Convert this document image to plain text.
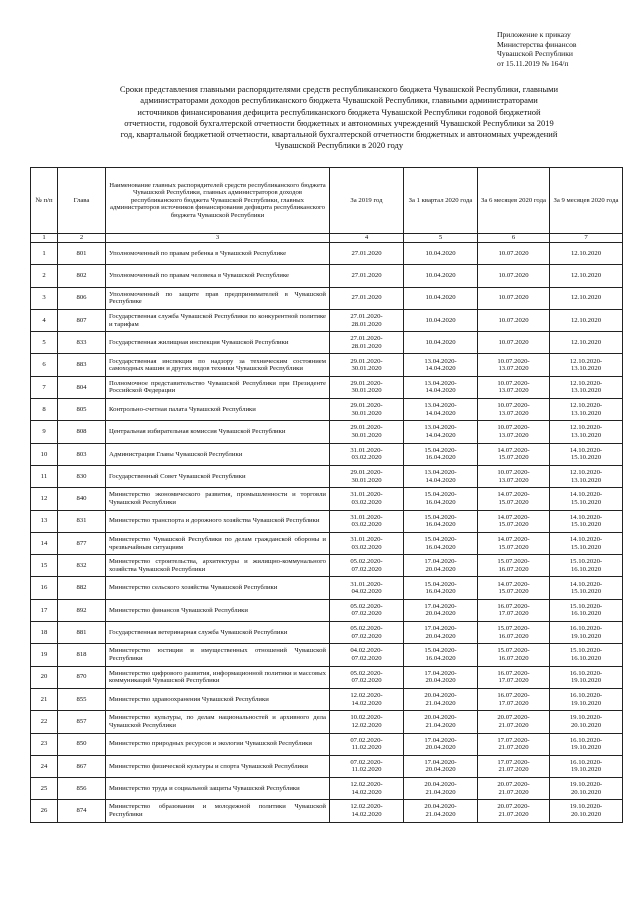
Приложение к приказу
Министерства финансов
Чувашской Республики
от 15.11.2019 № 164/п
Сроки представления главными распорядителями средств республиканского бюджета Чувашской Республики, главными
администраторами доходов республиканского бюджета Чувашской Республики, главными администраторами
источников финансирования дефицита республиканского бюджета Чувашской Республики годовой бюджетной
отчетности, годовой бухгалтерской отчетности бюджетных и автономных учреждений Чувашской Республики за 2019
год, квартальной бюджетной отчетности, квартальной бухгалтерской отчетности бюджетных и автономных учреждений
Чувашской Республики в 2020 году
№ п/п	Глава	Наименование главных распорядителей средств республиканского бюджета Чувашской Республики, главных администраторов доходов республиканского бюджета Чувашской Республики, главных администраторов источников финансирования дефицита республиканского бюджета Чувашской Республики	За 2019 год	За 1 квартал 2020 года	За 6 месяцев 2020 года	За 9 месяцев 2020 года
1	2	3	4	5	6	7
1	801	Уполномоченный по правам ребенка в Чувашской Республике	27.01.2020	10.04.2020	10.07.2020	12.10.2020
2	802	Уполномоченный по правам человека в Чувашской Республике	27.01.2020	10.04.2020	10.07.2020	12.10.2020
3	806	Уполномоченный по защите прав предпринимателей в Чувашской Республике	27.01.2020	10.04.2020	10.07.2020	12.10.2020
4	807	Государственная служба Чувашской Республики по конкурентной политике и тарифам	27.01.2020-
28.01.2020	10.04.2020	10.07.2020	12.10.2020
5	833	Государственная жилищная инспекция Чувашской Республики	27.01.2020-
28.01.2020	10.04.2020	10.07.2020	12.10.2020
6	883	Государственная инспекция по надзору за техническим состоянием самоходных машин и других видов техники Чувашской Республики	29.01.2020-
30.01.2020	13.04.2020-
14.04.2020	10.07.2020-
13.07.2020	12.10.2020-
13.10.2020
7	804	Полномочное представительство Чувашской Республики при Президенте Российской Федерации	29.01.2020-
30.01.2020	13.04.2020-
14.04.2020	10.07.2020-
13.07.2020	12.10.2020-
13.10.2020
8	805	Контрольно-счетная палата Чувашской Республики	29.01.2020-
30.01.2020	13.04.2020-
14.04.2020	10.07.2020-
13.07.2020	12.10.2020-
13.10.2020
9	808	Центральная избирательная комиссия Чувашской Республики	29.01.2020-
30.01.2020	13.04.2020-
14.04.2020	10.07.2020-
13.07.2020	12.10.2020-
13.10.2020
10	803	Администрация Главы Чувашской Республики	31.01.2020-
03.02.2020	15.04.2020-
16.04.2020	14.07.2020-
15.07.2020	14.10.2020-
15.10.2020
11	830	Государственный Совет Чувашской Республики	29.01.2020-
30.01.2020	13.04.2020-
14.04.2020	10.07.2020-
13.07.2020	12.10.2020-
13.10.2020
12	840	Министерство экономического развития, промышленности и торговли Чувашской Республики	31.01.2020-
03.02.2020	15.04.2020-
16.04.2020	14.07.2020-
15.07.2020	14.10.2020-
15.10.2020
13	831	Министерство транспорта и дорожного хозяйства Чувашской Республики	31.01.2020-
03.02.2020	15.04.2020-
16.04.2020	14.07.2020-
15.07.2020	14.10.2020-
15.10.2020
14	877	Министерство Чувашской Республики по делам гражданской обороны и чрезвычайным ситуациям	31.01.2020-
03.02.2020	15.04.2020-
16.04.2020	14.07.2020-
15.07.2020	14.10.2020-
15.10.2020
15	832	Министерство строительства, архитектуры и жилищно-коммунального хозяйства Чувашской Республики	05.02.2020-
07.02.2020	17.04.2020-
20.04.2020	15.07.2020-
16.07.2020	15.10.2020-
16.10.2020
16	882	Министерство сельского хозяйства Чувашской Республики	31.01.2020-
04.02.2020	15.04.2020-
16.04.2020	14.07.2020-
15.07.2020	14.10.2020-
15.10.2020
17	892	Министерство финансов Чувашской Республики	05.02.2020-
07.02.2020	17.04.2020-
20.04.2020	16.07.2020-
17.07.2020	15.10.2020-
16.10.2020
18	881	Государственная ветеринарная служба Чувашской Республики	05.02.2020-
07.02.2020	17.04.2020-
20.04.2020	15.07.2020-
16.07.2020	16.10.2020-
19.10.2020
19	818	Министерство юстиции и имущественных отношений Чувашской Республики	04.02.2020-
07.02.2020	15.04.2020-
16.04.2020	15.07.2020-
16.07.2020	15.10.2020-
16.10.2020
20	870	Министерство цифрового развития, информационной политики и массовых коммуникаций Чувашской Республики	05.02.2020-
07.02.2020	17.04.2020-
20.04.2020	16.07.2020-
17.07.2020	16.10.2020-
19.10.2020
21	855	Министерство здравоохранения Чувашской Республики	12.02.2020-
14.02.2020	20.04.2020-
21.04.2020	16.07.2020-
17.07.2020	16.10.2020-
19.10.2020
22	857	Министерство культуры, по делам национальностей и архивного дела Чувашской Республики	10.02.2020-
12.02.2020	20.04.2020-
21.04.2020	20.07.2020-
21.07.2020	19.10.2020-
20.10.2020
23	850	Министерство природных ресурсов и экологии Чувашской Республики	07.02.2020-
11.02.2020	17.04.2020-
20.04.2020	17.07.2020-
21.07.2020	16.10.2020-
19.10.2020
24	867	Министерство физической культуры и спорта Чувашской Республики	07.02.2020-
11.02.2020	17.04.2020-
20.04.2020	17.07.2020-
21.07.2020	16.10.2020-
19.10.2020
25	856	Министерство труда и социальной защиты Чувашской Республики	12.02.2020-
14.02.2020	20.04.2020-
21.04.2020	20.07.2020-
21.07.2020	19.10.2020-
20.10.2020
26	874	Министерство образования и молодежной политики Чувашской Республики	12.02.2020-
14.02.2020	20.04.2020-
21.04.2020	20.07.2020-
21.07.2020	19.10.2020-
20.10.2020
